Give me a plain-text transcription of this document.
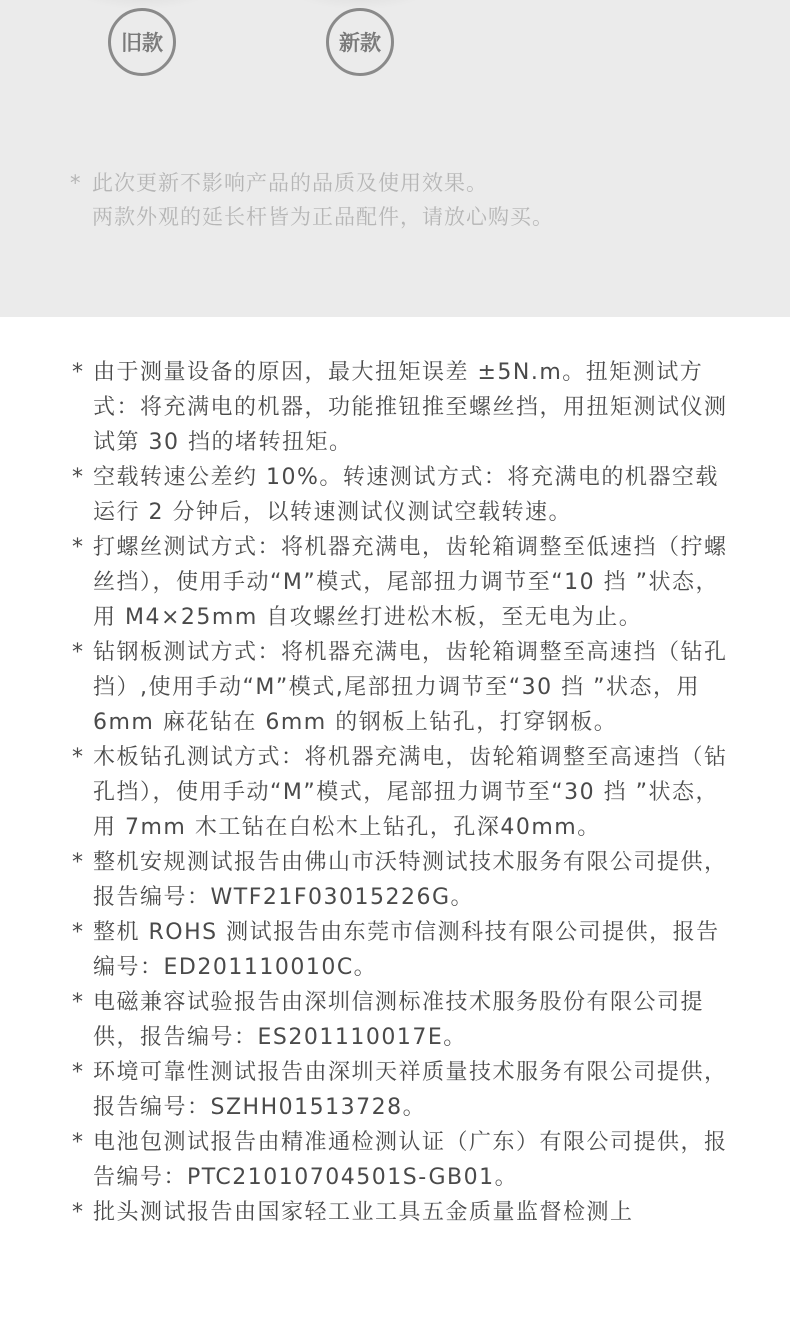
旧款	新款
* 此次更新不影响产品的品质及使用效果。
两款外观的延长杆皆为正品配件，请放心购买。
* 由于测量设备的原因，最大扭矩误差 ±5N.m。扭矩测试方式：将充满电的机器，功能推钮推至螺丝挡，用扭矩测试仪测试第 30 挡的堵转扭矩。
* 空载转速公差约 10%。转速测试方式：将充满电的机器空载运行 2 分钟后，以转速测试仪测试空载转速。
* 打螺丝测试方式：将机器充满电，齿轮箱调整至低速挡（拧螺丝挡），使用手动“M”模式，尾部扭力调节至“10 挡 ”状态，用 M4×25mm 自攻螺丝打进松木板，至无电为止。
* 钻钢板测试方式：将机器充满电，齿轮箱调整至高速挡（钻孔挡）,使用手动“M”模式,尾部扭力调节至“30 挡 ”状态，用 6mm 麻花钻在 6mm 的钢板上钻孔，打穿钢板。
* 木板钻孔测试方式：将机器充满电，齿轮箱调整至高速挡（钻孔挡），使用手动“M”模式，尾部扭力调节至“30 挡 ”状态，用 7mm 木工钻在白松木上钻孔，孔深40mm。
* 整机安规测试报告由佛山市沃特测试技术服务有限公司提供，报告编号：WTF21F03015226G。
* 整机 ROHS 测试报告由东莞市信测科技有限公司提供，报告编号：ED201110010C。
* 电磁兼容试验报告由深圳信测标准技术服务股份有限公司提供，报告编号：ES201110017E。
* 环境可靠性测试报告由深圳天祥质量技术服务有限公司提供，报告编号：SZHH01513728。
* 电池包测试报告由精准通检测认证（广东）有限公司提供，报告编号：PTC21010704501S-GB01。
* 批头测试报告由国家轻工业工具五金质量监督检测上
